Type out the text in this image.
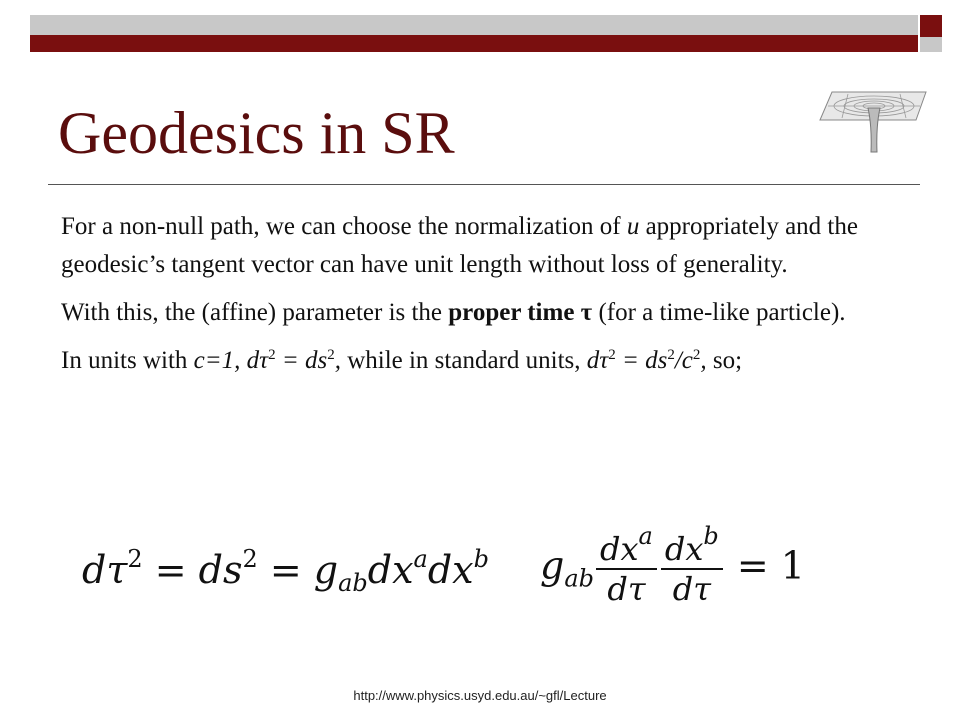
Geodesics in SR

For a non-null path, we can choose the normalization of u appropriately and the geodesic’s tangent vector can have unit length without loss of generality.

With this, the (affine) parameter is the proper time τ (for a time-like particle).

In units with c=1, $d\tau^2 = ds^2$, while in standard units, $d\tau^2 = ds^2/c^2$, so;

$d\tau^2 = ds^2 = g_{ab}dx^adx^b$ $g_{ab} \frac{dx^a}{d\tau} \frac{dx^b}{d\tau} = 1$
http://www.physics.usyd.edu.au/~gfl/Lecture
